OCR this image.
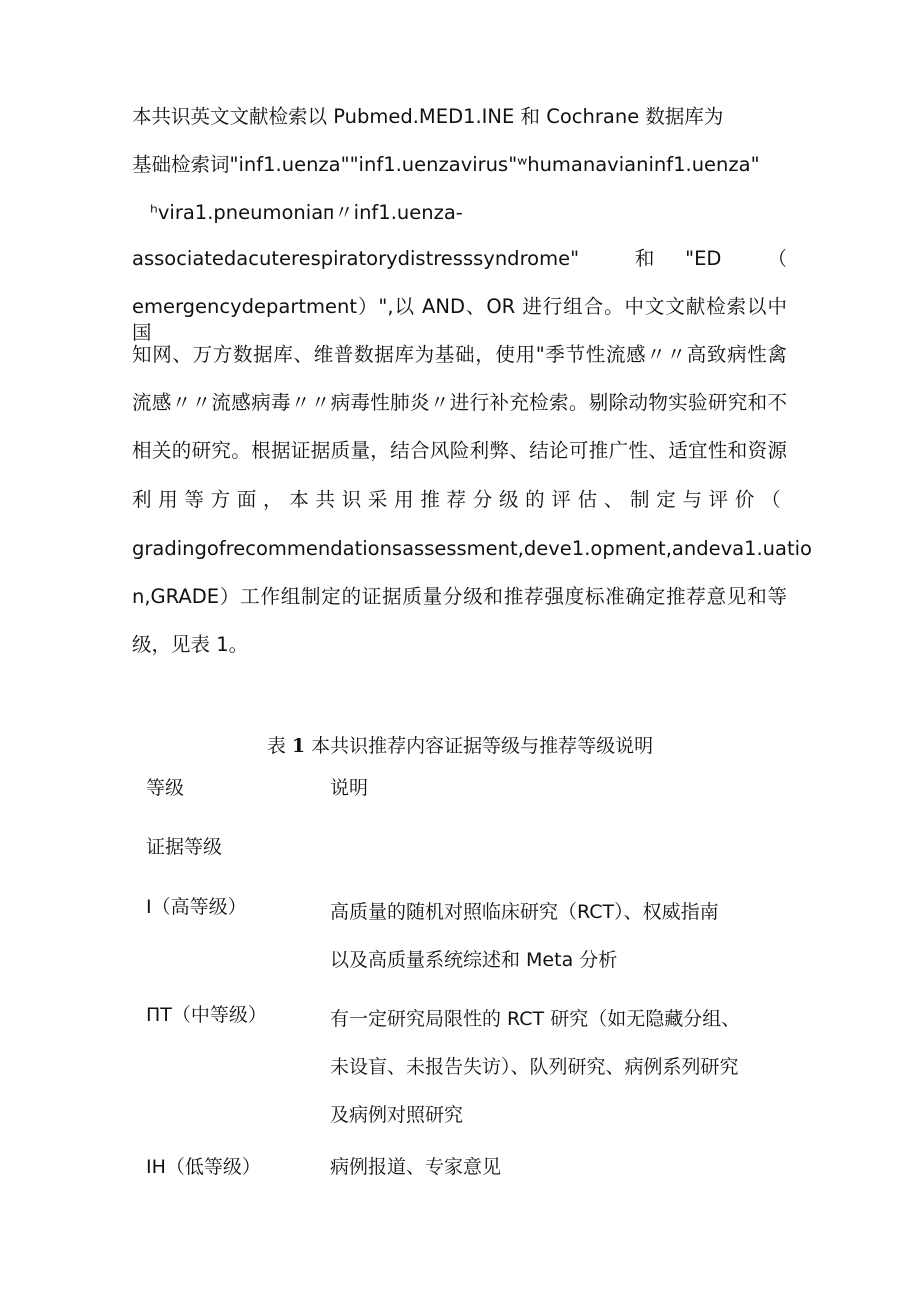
本共识英文文献检索以 Pubmed.MED1.INE 和 Cochrane 数据库为
基础检索词"inf1.uenza""inf1.uenzavirus"ʷhumanavianinf1.uenza"
ʰvira1.pneumoniaᴨ〃inf1.uenza-
associatedacuterespiratorydistresssyndrome"　　和　"ED　　（
emergencydepartment）",以 AND、OR 进行组合。中文文献检索以中国
知网、万方数据库、维普数据库为基础，使用"季节性流感〃〃高致病性禽
流感〃〃流感病毒〃〃病毒性肺炎〃进行补充检索。剔除动物实验研究和不
相关的研究。根据证据质量，结合风险利弊、结论可推广性、适宜性和资源
利用等方面，本共识采用推荐分级的评估、制定与评价（
gradingofrecommendationsassessment,deve1.opment,andeva1.uatio
n,GRADE）工作组制定的证据质量分级和推荐强度标准确定推荐意见和等
级，见表 1。
表 1 本共识推荐内容证据等级与推荐等级说明
等级	说明
证据等级
I（高等级）	高质量的随机对照临床研究（RCT）、权威指南
以及高质量系统综述和 Meta 分析
ΠΤ（中等级）	有一定研究局限性的 RCT 研究（如无隐藏分组、
未设盲、未报告失访）、队列研究、病例系列研究
及病例对照研究
IH（低等级）	病例报道、专家意见
